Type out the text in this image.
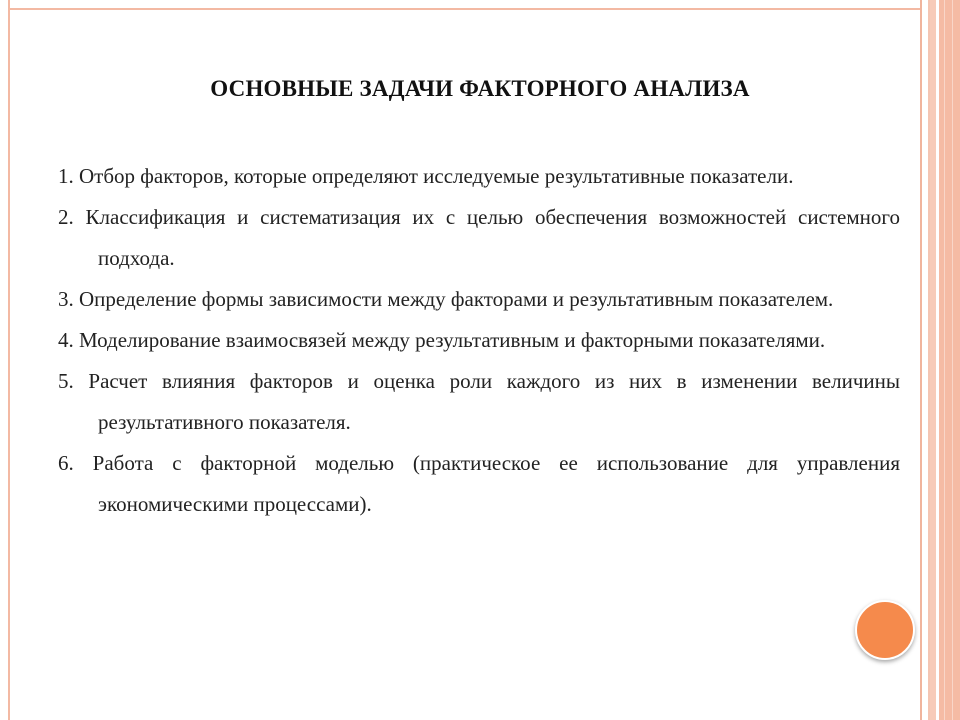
ОСНОВНЫЕ ЗАДАЧИ ФАКТОРНОГО АНАЛИЗА

1. Отбор факторов, которые определяют исследуемые результативные показатели.

2. Классификация и систематизация их с целью обеспечения возможностей системного подхода.

3. Определение формы зависимости между факторами и результативным показателем.

4. Моделирование взаимосвязей между результативным и факторными показателями.

5. Расчет влияния факторов и оценка роли каждого из них в изменении величины результативного показателя.

6. Работа с факторной моделью (практическое ее использование для управления экономическими процессами).
